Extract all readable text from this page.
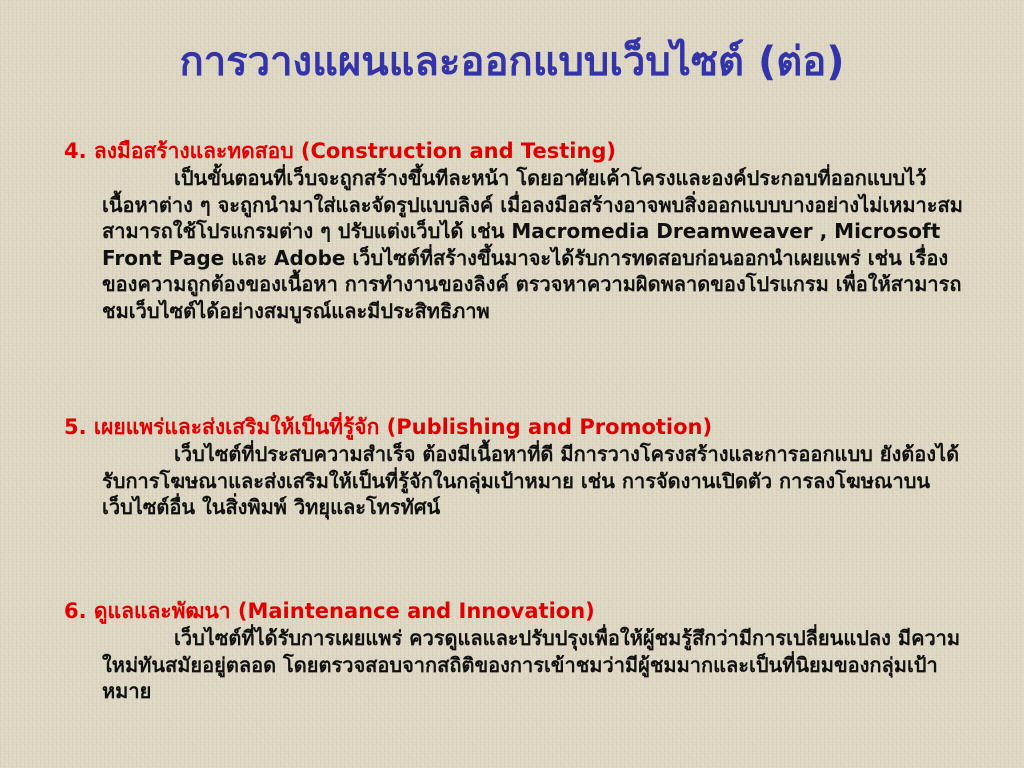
การวางแผนและออกแบบเว็บไซต์ (ต่อ)
4. ลงมือสร้างและทดสอบ (Construction and Testing)
เป็นขั้นตอนที่เว็บจะถูกสร้างขึ้นทีละหน้า โดยอาศัยเค้าโครงและองค์ประกอบที่ออกแบบไว้ เนื้อหาต่าง ๆ จะถูกนำมาใส่และจัดรูปแบบลิงค์ เมื่อลงมือสร้างอาจพบสิ่งออกแบบบางอย่างไม่เหมาะสม สามารถใช้โปรแกรมต่าง ๆ ปรับแต่งเว็บได้ เช่น Macromedia Dreamweaver , Microsoft Front Page และ Adobe เว็บไซต์ที่สร้างขึ้นมาจะได้รับการทดสอบก่อนออกนำเผยแพร่ เช่น เรื่องของความถูกต้องของเนื้อหา การทำงานของลิงค์ ตรวจหาความผิดพลาดของโปรแกรม เพื่อให้สามารถชมเว็บไซต์ได้อย่างสมบูรณ์และมีประสิทธิภาพ
5. เผยแพร่และส่งเสริมให้เป็นที่รู้จัก (Publishing and Promotion)
เว็บไซต์ที่ประสบความสำเร็จ ต้องมีเนื้อหาที่ดี มีการวางโครงสร้างและการออกแบบ ยังต้องได้รับการโฆษณาและส่งเสริมให้เป็นที่รู้จักในกลุ่มเป้าหมาย เช่น การจัดงานเปิดตัว การลงโฆษณาบนเว็บไซต์อื่น ในสิ่งพิมพ์ วิทยุและโทรทัศน์
6. ดูแลและพัฒนา (Maintenance and Innovation)
เว็บไซต์ที่ได้รับการเผยแพร่ ควรดูแลและปรับปรุงเพื่อให้ผู้ชมรู้สึกว่ามีการเปลี่ยนแปลง มีความใหม่ทันสมัยอยู่ตลอด โดยตรวจสอบจากสถิติของการเข้าชมว่ามีผู้ชมมากและเป็นที่นิยมของกลุ่มเป้าหมาย
